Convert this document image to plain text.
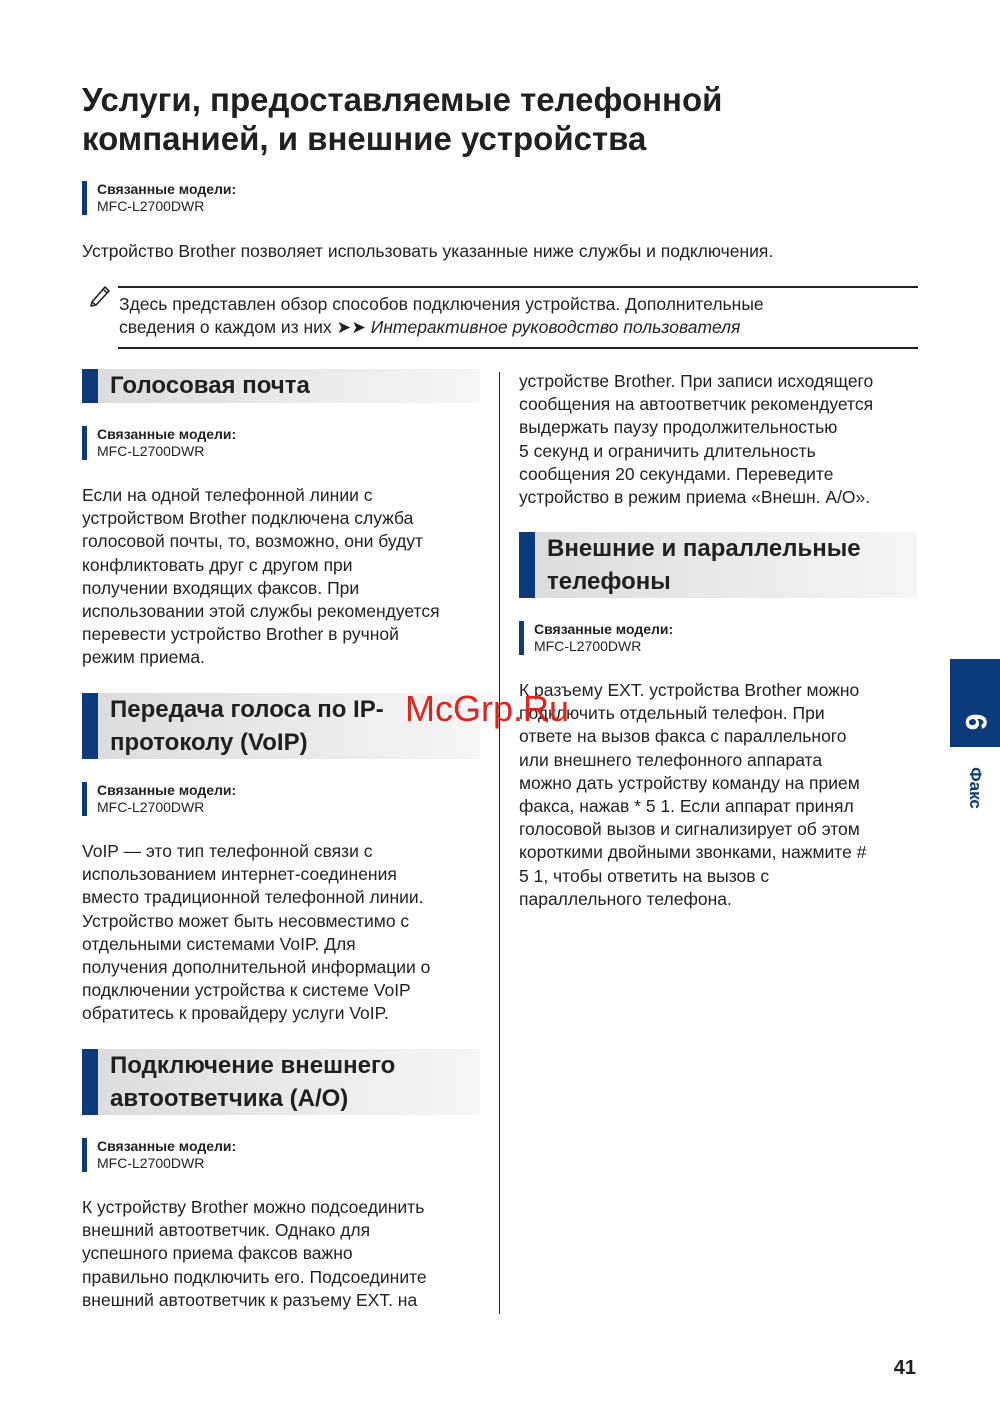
Услуги, предоставляемые телефонной
компанией, и внешние устройства
Связанные модели:
MFC-L2700DWR
Устройство Brother позволяет использовать указанные ниже службы и подключения.
Здесь представлен обзор способов подключения устройства. Дополнительные
сведения о каждом из них ➤➤ Интерактивное руководство пользователя
Голосовая почта
Связанные модели:
MFC-L2700DWR
Если на одной телефонной линии с
устройством Brother подключена служба
голосовой почты, то, возможно, они будут
конфликтовать друг с другом при
получении входящих факсов. При
использовании этой службы рекомендуется
перевести устройство Brother в ручной
режим приема.
Передача голоса по IP-
протоколу (VoIP)
Связанные модели:
MFC-L2700DWR
VoIP — это тип телефонной связи с
использованием интернет-соединения
вместо традиционной телефонной линии.
Устройство может быть несовместимо с
отдельными системами VoIP. Для
получения дополнительной информации о
подключении устройства к системе VoIP
обратитесь к провайдеру услуги VoIP.
Подключение внешнего
автоответчика (А/О)
Связанные модели:
MFC-L2700DWR
К устройству Brother можно подсоединить
внешний автоответчик. Однако для
успешного приема факсов важно
правильно подключить его. Подсоедините
внешний автоответчик к разъему EXT. на
устройстве Brother. При записи исходящего
сообщения на автоответчик рекомендуется
выдержать паузу продолжительностью
5 секунд и ограничить длительность
сообщения 20 секундами. Переведите
устройство в режим приема «Внешн. А/О».
Внешние и параллельные
телефоны
Связанные модели:
MFC-L2700DWR
К разъему EXT. устройства Brother можно
подключить отдельный телефон. При
ответе на вызов факса с параллельного
или внешнего телефонного аппарата
можно дать устройству команду на прием
факса, нажав * 5 1. Если аппарат принял
голосовой вызов и сигнализирует об этом
короткими двойными звонками, нажмите #
5 1, чтобы ответить на вызов с
параллельного телефона.
6
Факс
McGrp.Ru
41
